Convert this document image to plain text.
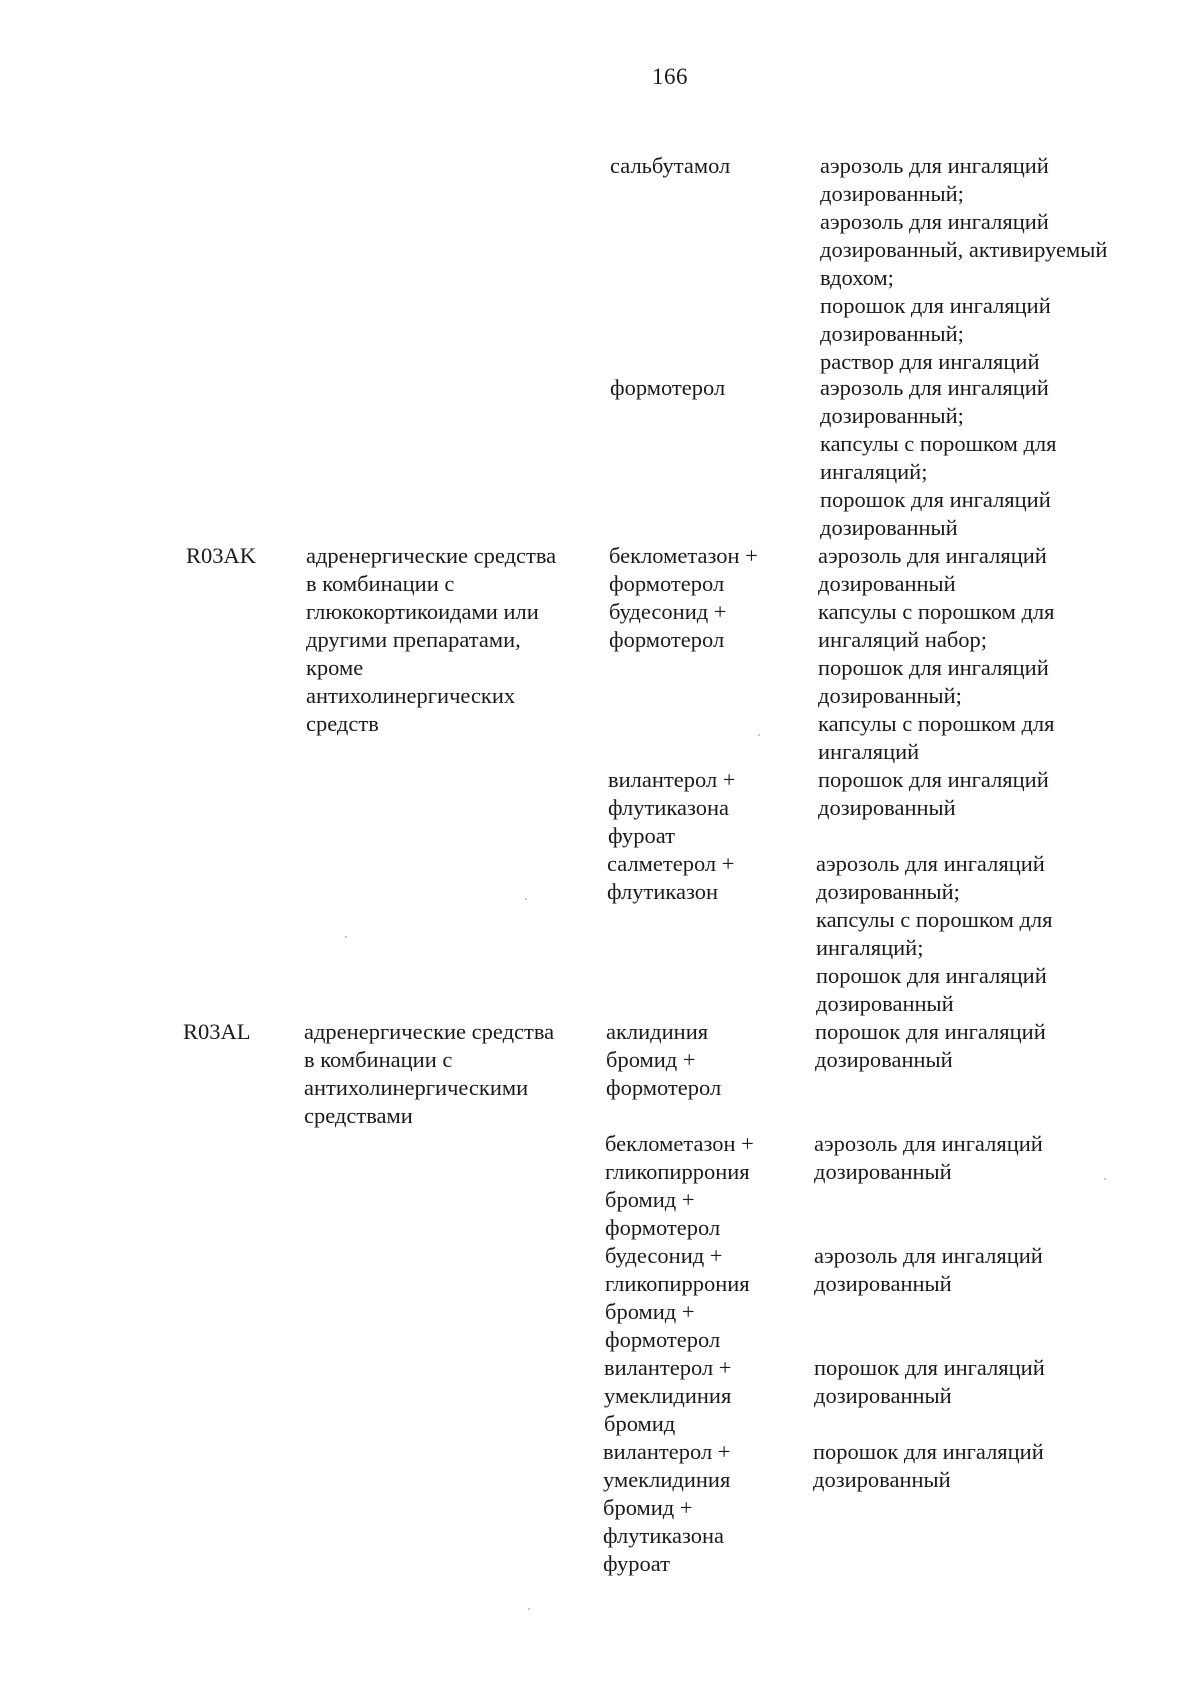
166
сальбутамол	аэрозоль для ингаляций
дозированный;
аэрозоль для ингаляций
дозированный, активируемый
вдохом;
порошок для ингаляций
дозированный;
раствор для ингаляций
формотерол	аэрозоль для ингаляций
дозированный;
капсулы с порошком для
ингаляций;
порошок для ингаляций
дозированный
R03AK адренергические средства
в комбинации с
глюкокортикоидами или
другими препаратами,
кроме
антихолинергических
средств
беклометазон +
формотерол
будесонид +
формотерол
аэрозоль для ингаляций
дозированный
капсулы с порошком для
ингаляций набор;
порошок для ингаляций
дозированный;
капсулы с порошком для
ингаляций
вилантерол +
флутиказона
фуроат
порошок для ингаляций
дозированный
салметерол +
флутиказон
аэрозоль для ингаляций
дозированный;
капсулы с порошком для
ингаляций;
порошок для ингаляций
дозированный
R03AL адренергические средства
в комбинации с
антихолинергическими
средствами
аклидиния
бромид +
формотерол
порошок для ингаляций
дозированный
беклометазон +
гликопиррония
бромид +
формотерол
аэрозоль для ингаляций
дозированный
будесонид +
гликопиррония
бромид +
формотерол
аэрозоль для ингаляций
дозированный
вилантерол +
умеклидиния
бромид
порошок для ингаляций
дозированный
вилантерол +
умеклидиния
бромид +
флутиказона
фуроат
порошок для ингаляций
дозированный
